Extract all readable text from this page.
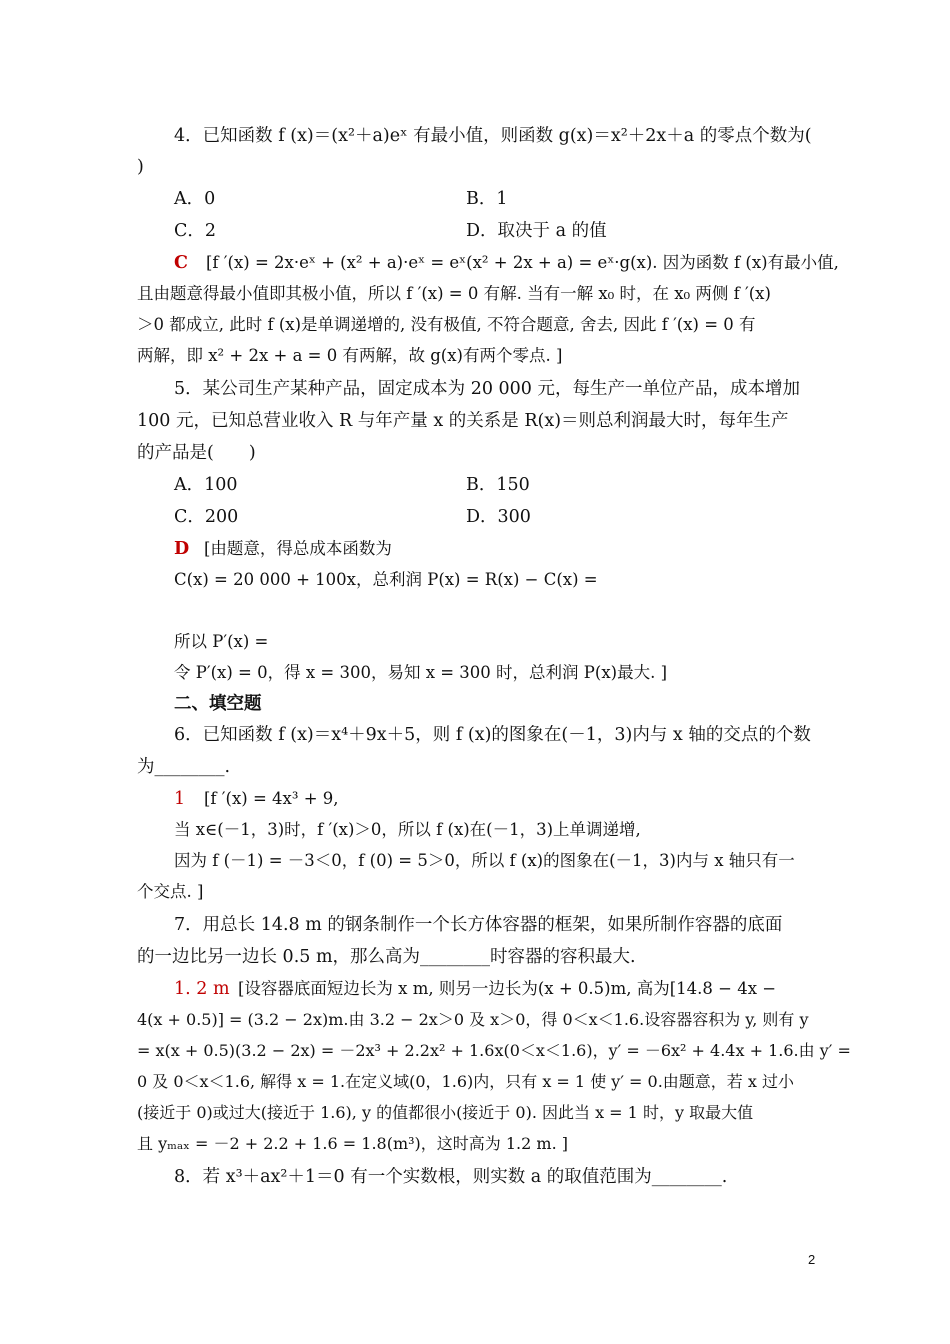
4．已知函数 f (x)＝(x²＋a)eˣ 有最小值，则函数 g(x)＝x²＋2x＋a 的零点个数为(
)
A．0	B．1
C．2	D．取决于 a 的值
C [f ′(x) = 2x·eˣ + (x² + a)·eˣ = eˣ(x² + 2x + a) = eˣ·g(x). 因为函数 f (x)有最小值,
且由题意得最小值即其极小值，所以 f ′(x) = 0 有解. 当有一解 x₀ 时，在 x₀ 两侧 f ′(x)
＞0 都成立, 此时 f (x)是单调递增的, 没有极值, 不符合题意, 舍去, 因此 f ′(x) = 0 有
两解，即 x² + 2x + a = 0 有两解，故 g(x)有两个零点. ]
5．某公司生产某种产品，固定成本为 20 000 元，每生产一单位产品，成本增加
100 元，已知总营业收入 R 与年产量 x 的关系是 R(x)＝则总利润最大时，每年生产
的产品是(　　)
A．100	B．150
C．200	D．300
D [由题意，得总成本函数为
C(x) = 20 000 + 100x，总利润 P(x) = R(x) − C(x) =
所以 P′(x) =
令 P′(x) = 0，得 x = 300，易知 x = 300 时，总利润 P(x)最大. ]
二、填空题
6．已知函数 f (x)＝x⁴＋9x＋5，则 f (x)的图象在(－1，3)内与 x 轴的交点的个数
为________.
1 [f ′(x) = 4x³ + 9,
当 x∈(－1，3)时，f ′(x)＞0，所以 f (x)在(－1，3)上单调递增,
因为 f (－1) = －3＜0，f (0) = 5＞0，所以 f (x)的图象在(－1，3)内与 x 轴只有一
个交点. ]
7．用总长 14.8 m 的钢条制作一个长方体容器的框架，如果所制作容器的底面
的一边比另一边长 0.5 m，那么高为________时容器的容积最大.
1. 2 m [设容器底面短边长为 x m, 则另一边长为(x + 0.5)m, 高为[14.8 − 4x −
4(x + 0.5)] = (3.2 − 2x)m.由 3.2 − 2x＞0 及 x＞0，得 0＜x＜1.6.设容器容积为 y, 则有 y
= x(x + 0.5)(3.2 − 2x) = －2x³ + 2.2x² + 1.6x(0＜x＜1.6)，y′ = －6x² + 4.4x + 1.6.由 y′ =
0 及 0＜x＜1.6, 解得 x = 1.在定义域(0，1.6)内，只有 x = 1 使 y′ = 0.由题意，若 x 过小
(接近于 0)或过大(接近于 1.6), y 的值都很小(接近于 0). 因此当 x = 1 时，y 取最大值
且 yₘₐₓ = －2 + 2.2 + 1.6 = 1.8(m³)，这时高为 1.2 m. ]
8．若 x³＋ax²＋1＝0 有一个实数根，则实数 a 的取值范围为________.
2
